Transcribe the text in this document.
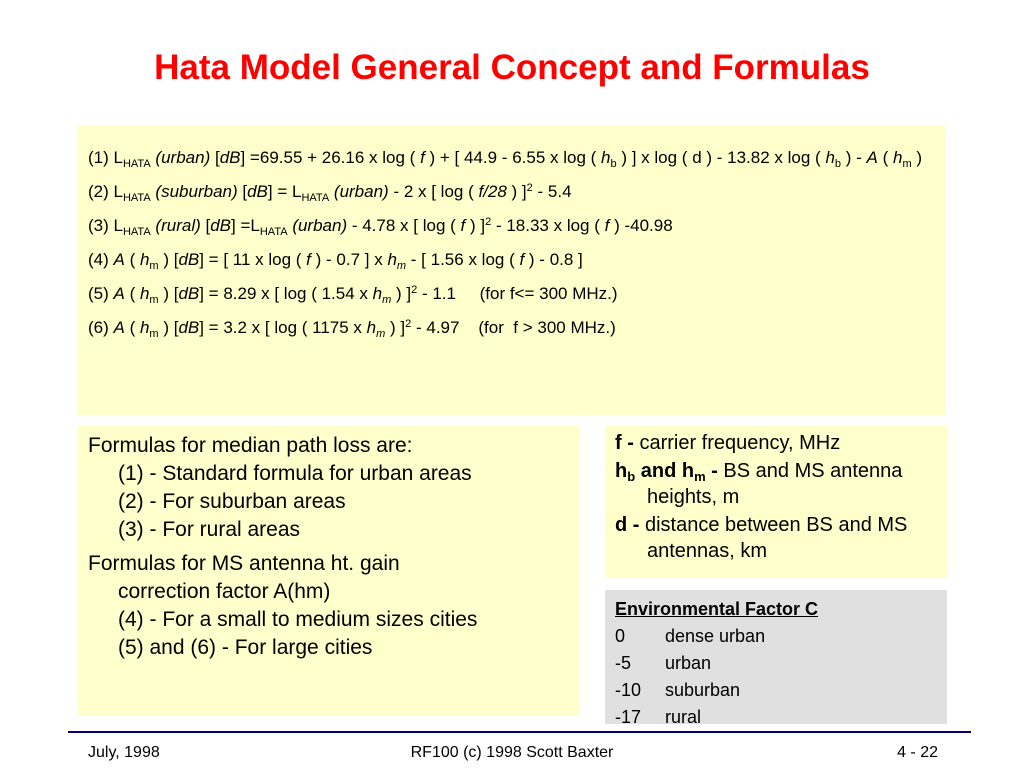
Hata Model General Concept and Formulas

(1) $L_{HATA}$ (urban) [dB] =69.55 + 26.16 x log ( f ) + [ 44.9 - 6.55 x log ( $h_b$ ) ] x log ( d ) - 13.82 x log ( $h_b$ ) - A ( $h_m$ )

(2) $L_{HATA}$ (suburban) $[dB] = L_{HATA}$ (urban) - 2 x [ log ( f/28 ) ]$^2$ - 5.4

(3) $L_{HATA}$ (rural) $[dB] =L_{HATA}$ (urban) - 4.78 x [ log ( f ) ]$^2$ - 18.33 x log ( f ) -40.98

(4) A ( $h_m$ ) [dB] = [ 11 x log ( f ) - 0.7 ] x $h_m$ - [ 1.56 x log ( f ) - 0.8 ]

(5) A ( $h_m$ ) [dB] = 8.29 x [ log ( 1.54 x $h_m$ ) ]$^2$ - 1.1     (for f<= 300 MHz.)

(6) A ( $h_m$ ) [dB] = 3.2 x [ log ( 1175 x $h_m$ ) ]$^2$ - 4.97    (for  f > 300 MHz.)

Formulas for median path loss are:

(1) - Standard formula for urban areas

(2) - For suburban areas

(3) - For rural areas

Formulas for MS antenna ht. gain

correction factor A(hm)

(4) - For a small to medium sizes cities

(5) and (6) - For large cities

f - carrier frequency, MHz

$h_b$ and $h_m$ - BS and MS antenna heights, m

d - distance between BS and MS antennas, km

Environmental Factor C
0 dense urban
-5 urban
-10 suburban
-17 rural
July, 1998	RF100 (c) 1998 Scott Baxter	4 - 22
